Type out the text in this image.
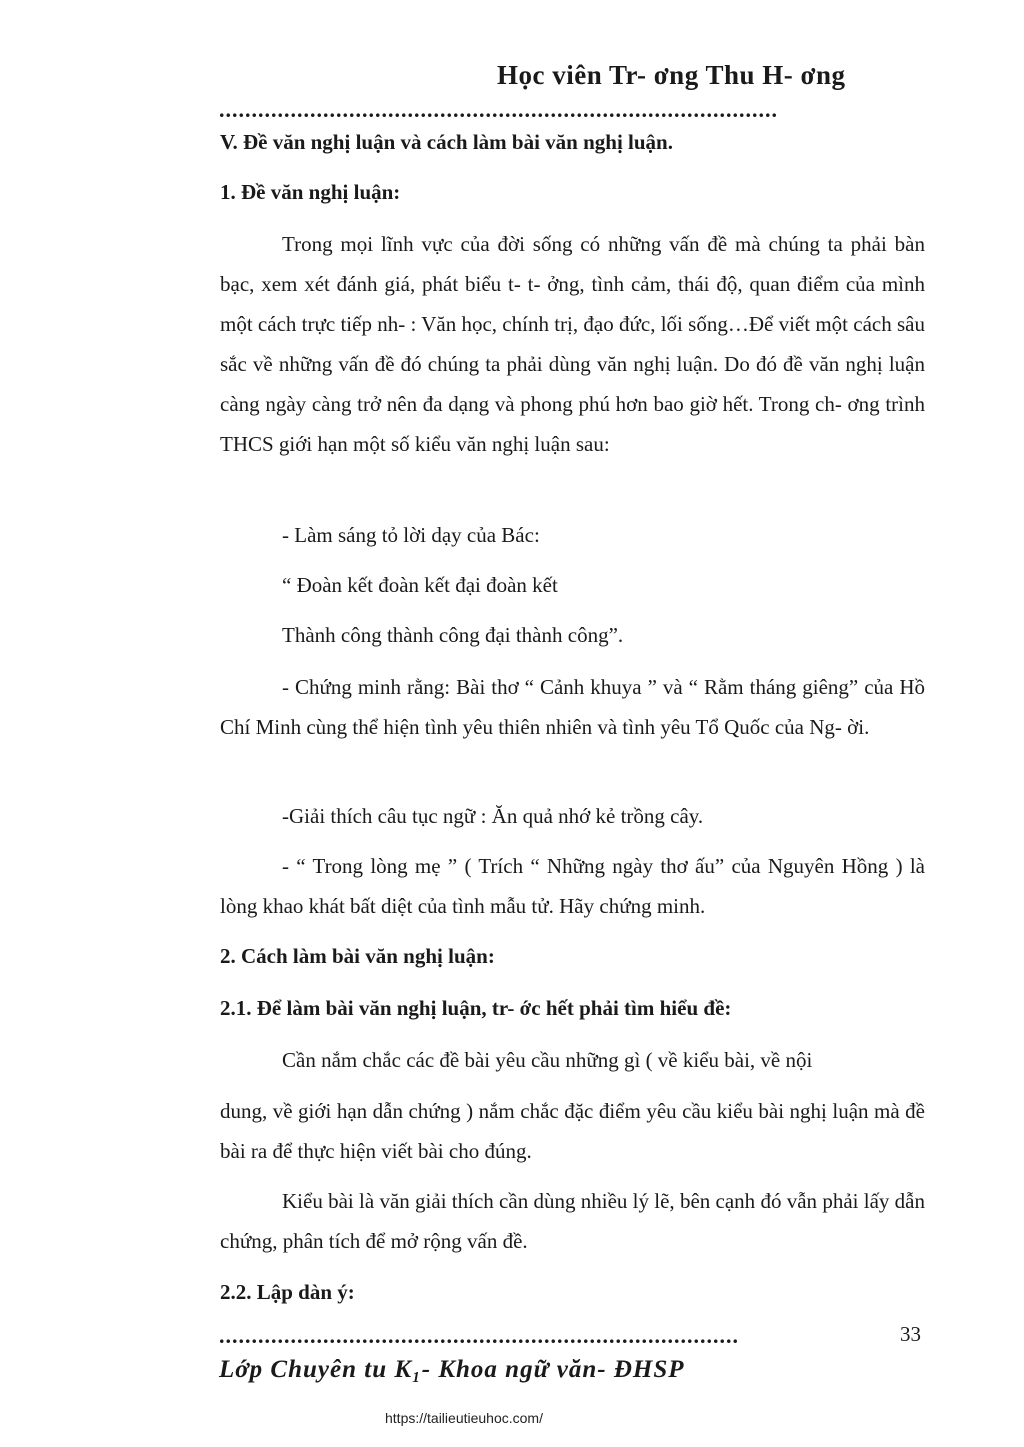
Học viên Tr- ơng Thu H- ơng
......................................................................................

V. Đề văn nghị luận và cách làm bài văn nghị luận.

1. Đề văn nghị luận:

Trong mọi lĩnh vực của đời sống có những vấn đề mà chúng ta phải bàn bạc, xem xét đánh giá, phát biểu t- t- ởng, tình cảm, thái độ, quan điểm của mình một cách trực tiếp nh- : Văn học, chính trị, đạo đức, lối sống…Để viết một cách sâu sắc về những vấn đề đó chúng ta phải dùng văn nghị luận. Do đó đề văn nghị luận càng ngày càng trở nên đa dạng và phong phú hơn bao giờ hết. Trong ch- ơng trình THCS giới hạn một số kiểu văn nghị luận sau:

- Làm sáng tỏ lời dạy của Bác:

“ Đoàn kết đoàn kết đại đoàn kết

Thành công thành công đại thành công”.

- Chứng minh rằng: Bài thơ “ Cảnh khuya ” và “ Rằm tháng giêng” của Hồ Chí Minh cùng thể hiện tình yêu thiên nhiên và tình yêu Tổ Quốc của Ng- ời.

-Giải thích câu tục ngữ : Ăn quả nhớ kẻ trồng cây.

- “ Trong lòng mẹ ” ( Trích “ Những ngày thơ ấu” của Nguyên Hồng ) là lòng khao khát bất diệt của tình mẫu tử. Hãy chứng minh.

2. Cách làm bài văn nghị luận:

2.1. Để làm bài văn nghị luận, tr- ớc hết phải tìm hiểu đề:

Cần nắm chắc các đề bài yêu cầu những gì ( về kiểu bài, về nội

dung, về giới hạn dẫn chứng ) nắm chắc đặc điểm yêu cầu kiểu bài nghị luận mà đề bài ra để thực hiện viết bài cho đúng.

Kiểu bài là văn giải thích cần dùng nhiều lý lẽ, bên cạnh đó vẫn phải lấy dẫn chứng, phân tích để mở rộng vấn đề.

2.2. Lập dàn ý:

33
................................................................................
Lớp Chuyên tu K₁- Khoa ngữ văn- ĐHSP
https://tailieutieuhoc.com/
